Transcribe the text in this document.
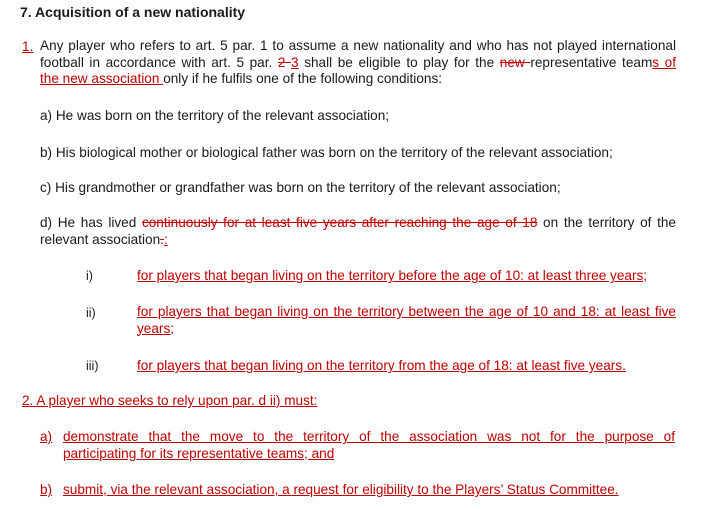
7. Acquisition of a new nationality
1. Any player who refers to art. 5 par. 1 to assume a new nationality and who has not played international
football in accordance with art. 5 par. 2 3 shall be eligible to play for the new representative teams of
the new association only if he fulfils one of the following conditions:
a) He was born on the territory of the relevant association;
b) His biological mother or biological father was born on the territory of the relevant association;
c) His grandmother or grandfather was born on the territory of the relevant association;
d) He has lived continuously for at least five years after reaching the age of 18 on the territory of the
relevant association.:
i)	for players that began living on the territory before the age of 10: at least three years;
ii)	for players that began living on the territory between the age of 10 and 18: at least five
years;
iii)	for players that began living on the territory from the age of 18: at least five years.
2. A player who seeks to rely upon par. d ii) must:
a) demonstrate that the move to the territory of the association was not for the purpose of
participating for its representative teams; and
b) submit, via the relevant association, a request for eligibility to the Players’ Status Committee.
